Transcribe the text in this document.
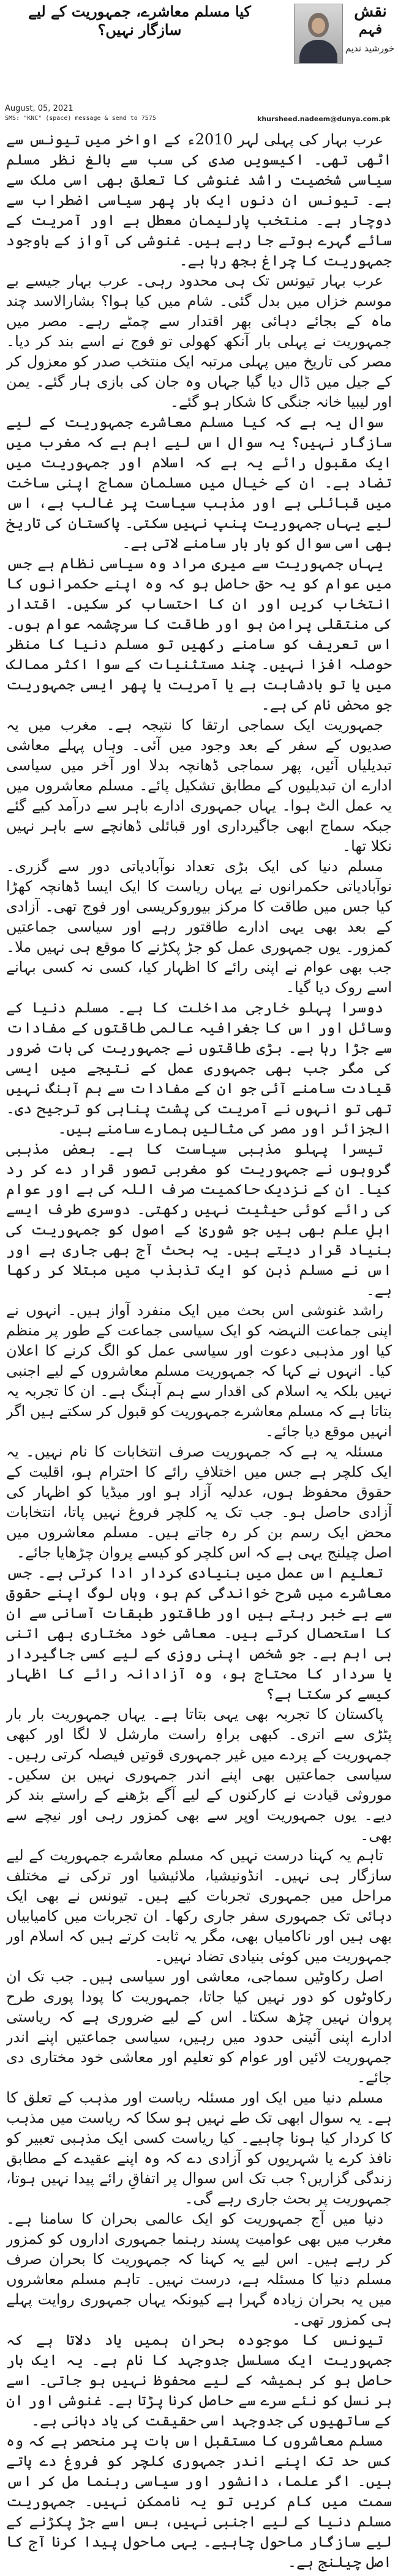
کیا مسلم معاشرے، جمہوریت کے لیے سازگار نہیں؟
نقش
فہم
خورشید ندیم
August, 05, 2021
SMS: "KNC" (space) message & send to 7575	khursheed.nadeem@dunya.com.pk

عرب بہار کی پہلی لہر 2010ء کے اواخر میں تیونس سے اٹھی تھی۔ اکیسویں صدی کی سب سے بالغ نظر مسلم سیاسی شخصیت راشد غنوشی کا تعلق بھی اسی ملک سے ہے۔ تیونس ان دنوں ایک بار پھر سیاسی اضطراب سے دوچار ہے۔ منتخب پارلیمان معطل ہے اور آمریت کے سائے گہرے ہوتے جا رہے ہیں۔ غنوشی کی آواز کے باوجود جمہوریت کا چراغ بجھ رہا ہے۔

عرب بہار تیونس تک ہی محدود رہی۔ عرب بہار جیسے بے موسم خزاں میں بدل گئی۔ شام میں کیا ہوا؟ بشارالاسد چند ماہ کے بجائے دہائی بھر اقتدار سے چمٹے رہے۔ مصر میں جمہوریت نے پہلی بار آنکھ کھولی تو فوج نے اسے بند کر دیا۔ مصر کی تاریخ میں پہلی مرتبہ ایک منتخب صدر کو معزول کر کے جیل میں ڈال دیا گیا جہاں وہ جان کی بازی ہار گئے۔ یمن اور لیبیا خانہ جنگی کا شکار ہو گئے۔

سوال یہ ہے کہ کیا مسلم معاشرے جمہوریت کے لیے سازگار نہیں؟ یہ سوال اس لیے اہم ہے کہ مغرب میں ایک مقبول رائے یہ ہے کہ اسلام اور جمہوریت میں تضاد ہے۔ ان کے خیال میں مسلمان سماج اپنی ساخت میں قبائلی ہے اور مذہب سیاست پر غالب ہے، اس لیے یہاں جمہوریت پنپ نہیں سکتی۔ پاکستان کی تاریخ بھی اسی سوال کو بار بار سامنے لاتی ہے۔

یہاں جمہوریت سے میری مراد وہ سیاسی نظام ہے جس میں عوام کو یہ حق حاصل ہو کہ وہ اپنے حکمرانوں کا انتخاب کریں اور ان کا احتساب کر سکیں۔ اقتدار کی منتقلی پرامن ہو اور طاقت کا سرچشمہ عوام ہوں۔ اس تعریف کو سامنے رکھیں تو مسلم دنیا کا منظر حوصلہ افزا نہیں۔ چند مستثنیات کے سوا اکثر ممالک میں یا تو بادشاہت ہے یا آمریت یا پھر ایسی جمہوریت جو محض نام کی ہے۔

جمہوریت ایک سماجی ارتقا کا نتیجہ ہے۔ مغرب میں یہ صدیوں کے سفر کے بعد وجود میں آئی۔ وہاں پہلے معاشی تبدیلیاں آئیں، پھر سماجی ڈھانچہ بدلا اور آخر میں سیاسی ادارے ان تبدیلیوں کے مطابق تشکیل پائے۔ مسلم معاشروں میں یہ عمل الٹ ہوا۔ یہاں جمہوری ادارے باہر سے درآمد کیے گئے جبکہ سماج ابھی جاگیرداری اور قبائلی ڈھانچے سے باہر نہیں نکلا تھا۔

مسلم دنیا کی ایک بڑی تعداد نوآبادیاتی دور سے گزری۔ نوآبادیاتی حکمرانوں نے یہاں ریاست کا ایک ایسا ڈھانچہ کھڑا کیا جس میں طاقت کا مرکز بیوروکریسی اور فوج تھی۔ آزادی کے بعد بھی یہی ادارے طاقتور رہے اور سیاسی جماعتیں کمزور۔ یوں جمہوری عمل کو جڑ پکڑنے کا موقع ہی نہیں ملا۔ جب بھی عوام نے اپنی رائے کا اظہار کیا، کسی نہ کسی بہانے اسے روک دیا گیا۔

دوسرا پہلو خارجی مداخلت کا ہے۔ مسلم دنیا کے وسائل اور اس کا جغرافیہ عالمی طاقتوں کے مفادات سے جڑا رہا ہے۔ بڑی طاقتوں نے جمہوریت کی بات ضرور کی مگر جب بھی جمہوری عمل کے نتیجے میں ایسی قیادت سامنے آئی جو ان کے مفادات سے ہم آہنگ نہیں تھی تو انہوں نے آمریت کی پشت پناہی کو ترجیح دی۔ الجزائر اور مصر کی مثالیں ہمارے سامنے ہیں۔

تیسرا پہلو مذہبی سیاست کا ہے۔ بعض مذہبی گروہوں نے جمہوریت کو مغربی تصور قرار دے کر رد کیا۔ ان کے نزدیک حاکمیت صرف اللہ کی ہے اور عوام کی رائے کوئی حیثیت نہیں رکھتی۔ دوسری طرف ایسے اہلِ علم بھی ہیں جو شوریٰ کے اصول کو جمہوریت کی بنیاد قرار دیتے ہیں۔ یہ بحث آج بھی جاری ہے اور اس نے مسلم ذہن کو ایک تذبذب میں مبتلا کر رکھا ہے۔

راشد غنوشی اس بحث میں ایک منفرد آواز ہیں۔ انہوں نے اپنی جماعت النہضہ کو ایک سیاسی جماعت کے طور پر منظم کیا اور مذہبی دعوت اور سیاسی عمل کو الگ کرنے کا اعلان کیا۔ انہوں نے کہا کہ جمہوریت مسلم معاشروں کے لیے اجنبی نہیں بلکہ یہ اسلام کی اقدار سے ہم آہنگ ہے۔ ان کا تجربہ یہ بتاتا ہے کہ مسلم معاشرے جمہوریت کو قبول کر سکتے ہیں اگر انہیں موقع دیا جائے۔

مسئلہ یہ ہے کہ جمہوریت صرف انتخابات کا نام نہیں۔ یہ ایک کلچر ہے جس میں اختلافِ رائے کا احترام ہو، اقلیت کے حقوق محفوظ ہوں، عدلیہ آزاد ہو اور میڈیا کو اظہار کی آزادی حاصل ہو۔ جب تک یہ کلچر فروغ نہیں پاتا، انتخابات محض ایک رسم بن کر رہ جاتے ہیں۔ مسلم معاشروں میں اصل چیلنج یہی ہے کہ اس کلچر کو کیسے پروان چڑھایا جائے۔

تعلیم اس عمل میں بنیادی کردار ادا کرتی ہے۔ جس معاشرے میں شرح خواندگی کم ہو، وہاں لوگ اپنے حقوق سے بے خبر رہتے ہیں اور طاقتور طبقات آسانی سے ان کا استحصال کرتے ہیں۔ معاشی خود مختاری بھی اتنی ہی اہم ہے۔ جو شخص اپنی روزی کے لیے کسی جاگیردار یا سردار کا محتاج ہو، وہ آزادانہ رائے کا اظہار کیسے کر سکتا ہے؟

پاکستان کا تجربہ بھی یہی بتاتا ہے۔ یہاں جمہوریت بار بار پٹڑی سے اتری۔ کبھی براہِ راست مارشل لا لگا اور کبھی جمہوریت کے پردے میں غیر جمہوری قوتیں فیصلہ کرتی رہیں۔ سیاسی جماعتیں بھی اپنے اندر جمہوری نہیں بن سکیں۔ موروثی قیادت نے کارکنوں کے لیے آگے بڑھنے کے راستے بند کر دیے۔ یوں جمہوریت اوپر سے بھی کمزور رہی اور نیچے سے بھی۔

تاہم یہ کہنا درست نہیں کہ مسلم معاشرے جمہوریت کے لیے سازگار ہی نہیں۔ انڈونیشیا، ملائیشیا اور ترکی نے مختلف مراحل میں جمہوری تجربات کیے ہیں۔ تیونس نے بھی ایک دہائی تک جمہوری سفر جاری رکھا۔ ان تجربات میں کامیابیاں بھی ہیں اور ناکامیاں بھی، مگر یہ ثابت کرتے ہیں کہ اسلام اور جمہوریت میں کوئی بنیادی تضاد نہیں۔

اصل رکاوٹیں سماجی، معاشی اور سیاسی ہیں۔ جب تک ان رکاوٹوں کو دور نہیں کیا جاتا، جمہوریت کا پودا پوری طرح پروان نہیں چڑھ سکتا۔ اس کے لیے ضروری ہے کہ ریاستی ادارے اپنی آئینی حدود میں رہیں، سیاسی جماعتیں اپنے اندر جمہوریت لائیں اور عوام کو تعلیم اور معاشی خود مختاری دی جائے۔

مسلم دنیا میں ایک اور مسئلہ ریاست اور مذہب کے تعلق کا ہے۔ یہ سوال ابھی تک طے نہیں ہو سکا کہ ریاست میں مذہب کا کردار کیا ہونا چاہیے۔ کیا ریاست کسی ایک مذہبی تعبیر کو نافذ کرے یا شہریوں کو آزادی دے کہ وہ اپنے عقیدے کے مطابق زندگی گزاریں؟ جب تک اس سوال پر اتفاقِ رائے پیدا نہیں ہوتا، جمہوریت پر بحث جاری رہے گی۔

دنیا میں آج جمہوریت کو ایک عالمی بحران کا سامنا ہے۔ مغرب میں بھی عوامیت پسند رہنما جمہوری اداروں کو کمزور کر رہے ہیں۔ اس لیے یہ کہنا کہ جمہوریت کا بحران صرف مسلم دنیا کا مسئلہ ہے، درست نہیں۔ تاہم مسلم معاشروں میں یہ بحران زیادہ گہرا ہے کیونکہ یہاں جمہوری روایت پہلے ہی کمزور تھی۔

تیونس کا موجودہ بحران ہمیں یاد دلاتا ہے کہ جمہوریت ایک مسلسل جدوجہد کا نام ہے۔ یہ ایک بار حاصل ہو کر ہمیشہ کے لیے محفوظ نہیں ہو جاتی۔ اسے ہر نسل کو نئے سرے سے حاصل کرنا پڑتا ہے۔ غنوشی اور ان کے ساتھیوں کی جدوجہد اسی حقیقت کی یاد دہانی ہے۔

مسلم معاشروں کا مستقبل اس بات پر منحصر ہے کہ وہ کس حد تک اپنے اندر جمہوری کلچر کو فروغ دے پاتے ہیں۔ اگر علما، دانشور اور سیاسی رہنما مل کر اس سمت میں کام کریں تو یہ ناممکن نہیں۔ جمہوریت مسلم دنیا کے لیے اجنبی نہیں، بس اسے جڑ پکڑنے کے لیے سازگار ماحول چاہیے۔ یہی ماحول پیدا کرنا آج کا اصل چیلنج ہے۔
